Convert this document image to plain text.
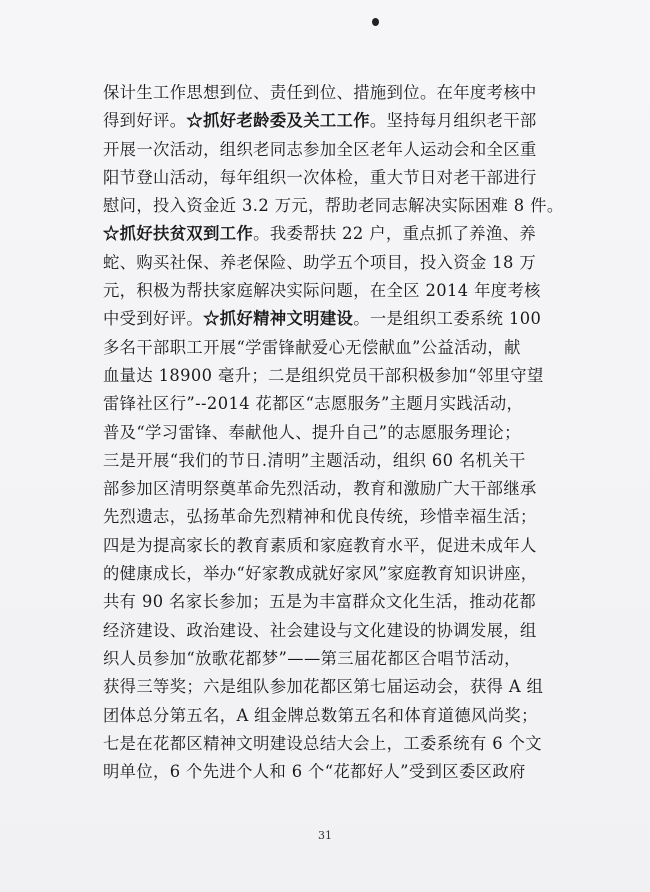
保计生工作思想到位、责任到位、措施到位。在年度考核中
得到好评。☆抓好老龄委及关工工作。坚持每月组织老干部
开展一次活动，组织老同志参加全区老年人运动会和全区重
阳节登山活动，每年组织一次体检，重大节日对老干部进行
慰问，投入资金近 3.2 万元，帮助老同志解决实际困难 8 件。
☆抓好扶贫双到工作。我委帮扶 22 户，重点抓了养渔、养
蛇、购买社保、养老保险、助学五个项目，投入资金 18 万
元，积极为帮扶家庭解决实际问题，在全区 2014 年度考核
中受到好评。☆抓好精神文明建设。一是组织工委系统 100
多名干部职工开展“学雷锋献爱心无偿献血”公益活动，献
血量达 18900 毫升；二是组织党员干部积极参加“邻里守望
雷锋社区行”--2014 花都区“志愿服务”主题月实践活动，
普及“学习雷锋、奉献他人、提升自己”的志愿服务理论；
三是开展“我们的节日.清明”主题活动，组织 60 名机关干
部参加区清明祭奠革命先烈活动，教育和激励广大干部继承
先烈遗志，弘扬革命先烈精神和优良传统，珍惜幸福生活；
四是为提高家长的教育素质和家庭教育水平，促进未成年人
的健康成长，举办“好家教成就好家风”家庭教育知识讲座，
共有 90 名家长参加；五是为丰富群众文化生活，推动花都
经济建设、政治建设、社会建设与文化建设的协调发展，组
织人员参加“放歌花都梦”——第三届花都区合唱节活动，
获得三等奖；六是组队参加花都区第七届运动会，获得 A 组
团体总分第五名，A 组金牌总数第五名和体育道德风尚奖；
七是在花都区精神文明建设总结大会上，工委系统有 6 个文
明单位，6 个先进个人和 6 个“花都好人”受到区委区政府
31
